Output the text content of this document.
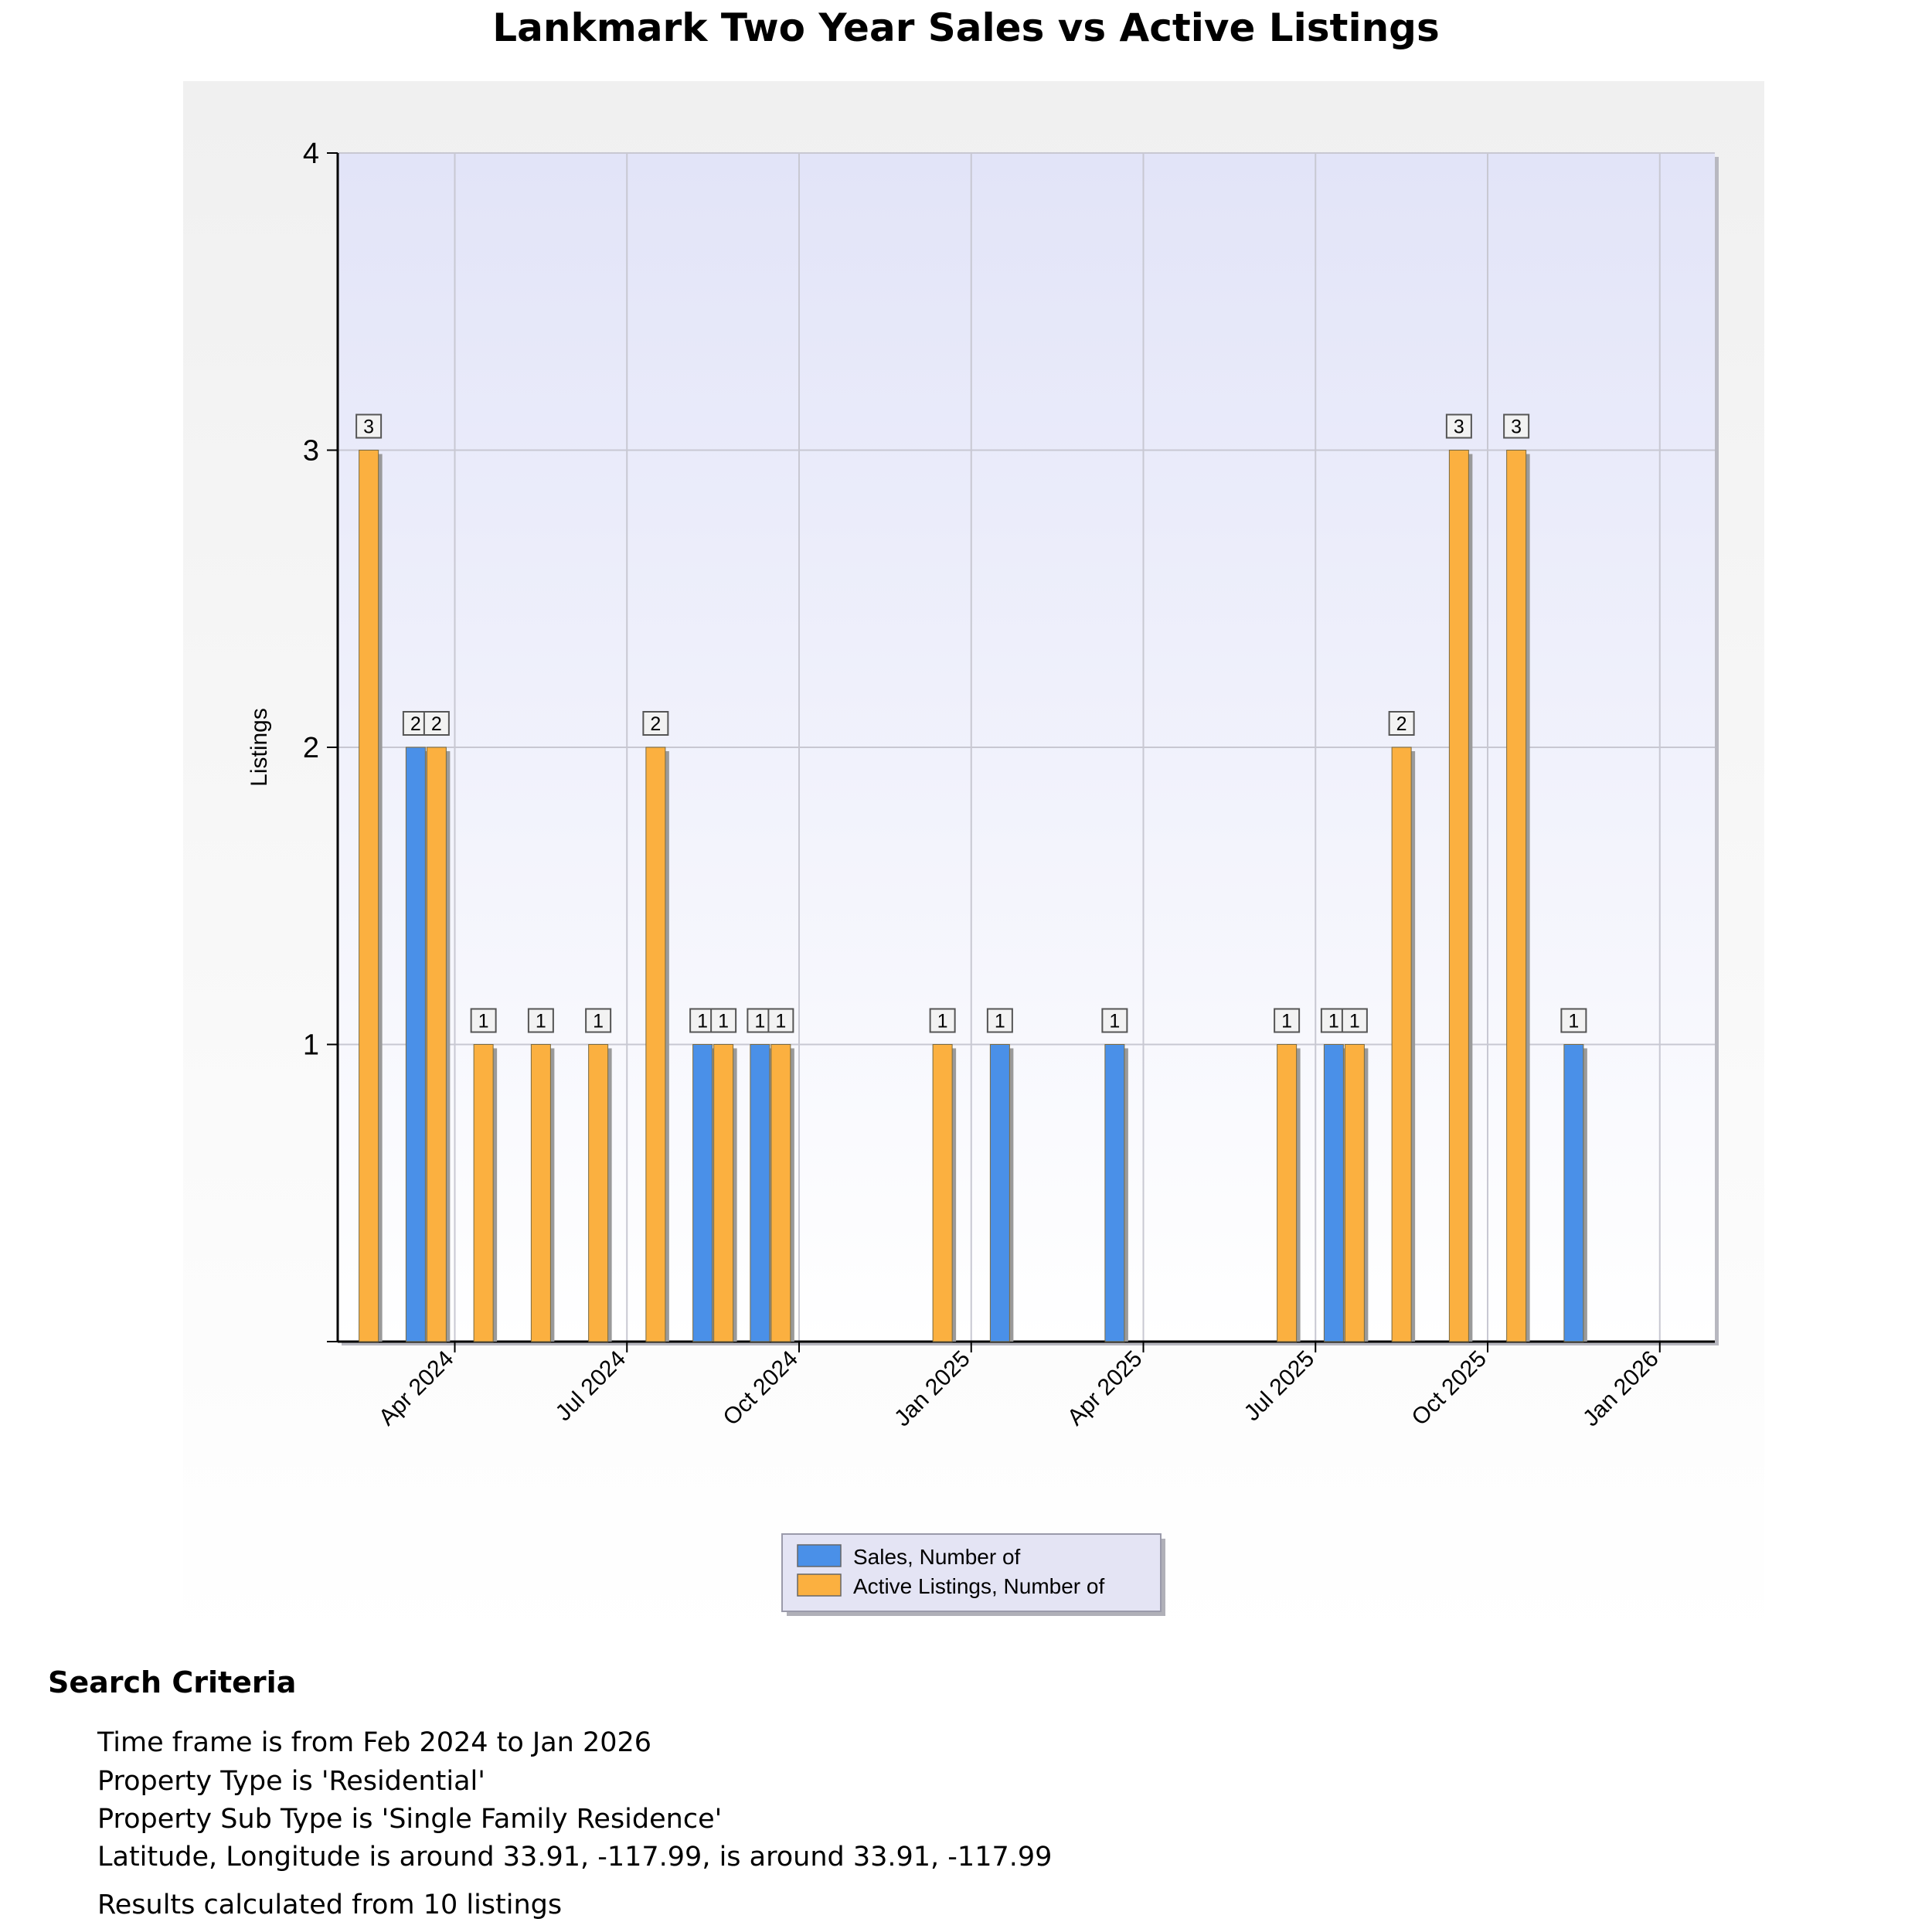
Lankmark Two Year Sales vs Active Listings
1
2
3
4
Apr 2024	Jul 2024	Oct 2024	Jan 2025	Apr 2025	Jul 2025	Oct 2025	Jan 2026
Listings
3
2 2
1 1 1
2
1 1 1 1	1 1	1	1 1 1
2
3 3
1
Sales, Number of
Active Listings, Number of
Search Criteria
Time frame is from Feb 2024 to Jan 2026
Property Type is 'Residential'
Property Sub Type is 'Single Family Residence'
Latitude, Longitude is around 33.91, -117.99, is around 33.91, -117.99
Results calculated from 10 listings
